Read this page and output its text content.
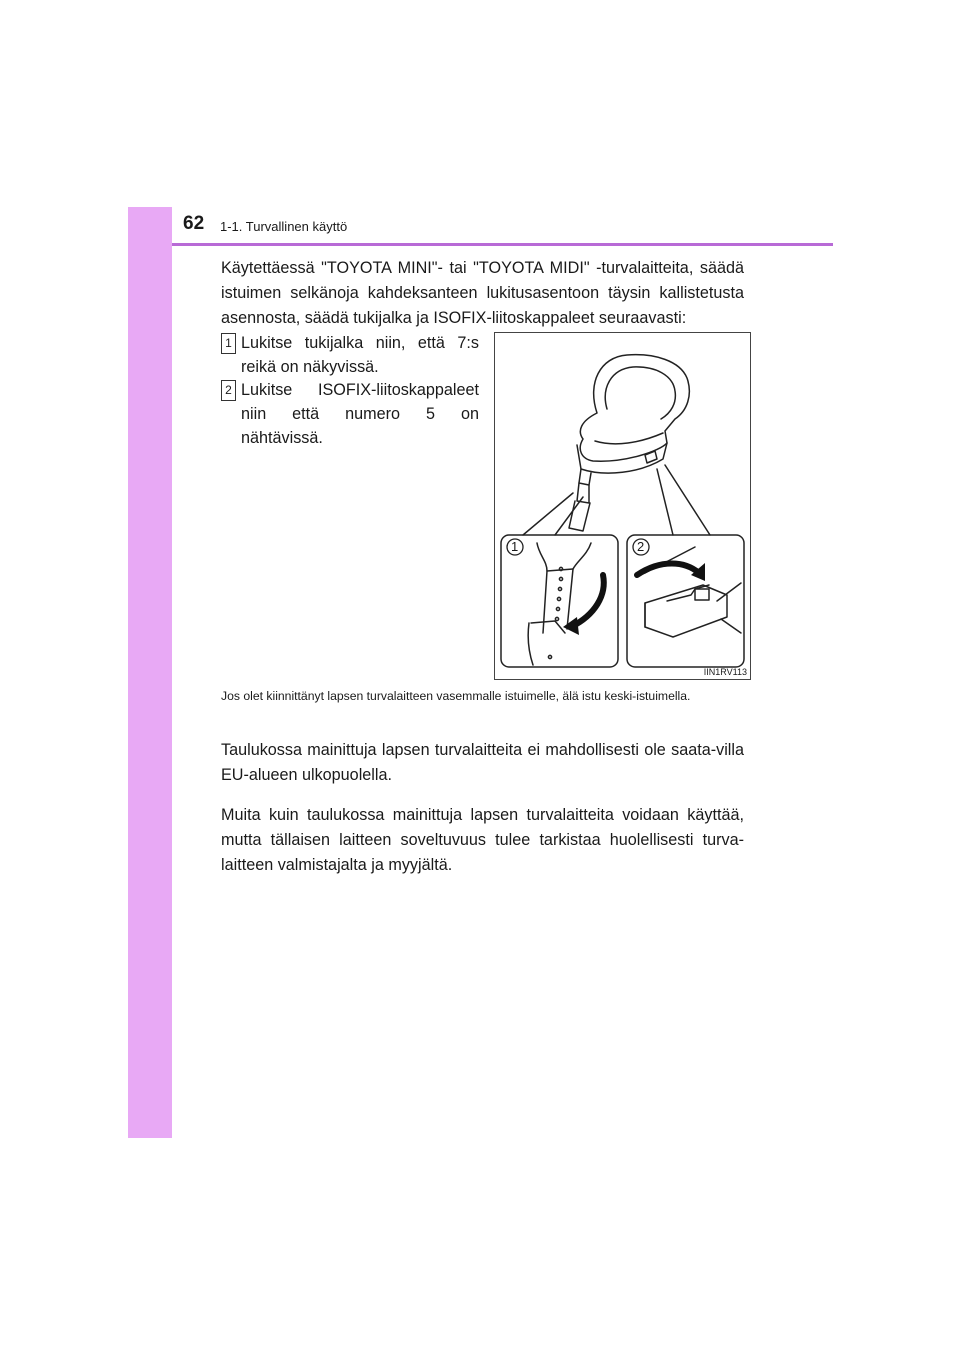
62 1-1. Turvallinen käyttö
Käytettäessä "TOYOTA MINI"- tai "TOYOTA MIDI" -turvalaitteita, säädä istuimen selkänoja kahdeksanteen lukitusasentoon täysin kallistetusta asennosta, säädä tukijalka ja ISOFIX-liitoskappaleet seuraavasti:
1 Lukitse tukijalka niin, että 7:s reikä on näkyvissä.
2 Lukitse ISOFIX-liitoskappaleet niin että numero 5 on nähtävissä.
1	2
IIN1RV113
Jos olet kiinnittänyt lapsen turvalaitteen vasemmalle istuimelle, älä istu keski-istuimella.
Taulukossa mainittuja lapsen turvalaitteita ei mahdollisesti ole saata-villa EU-alueen ulkopuolella.
Muita kuin taulukossa mainittuja lapsen turvalaitteita voidaan käyttää, mutta tällaisen laitteen soveltuvuus tulee tarkistaa huolellisesti turva-laitteen valmistajalta ja myyjältä.
